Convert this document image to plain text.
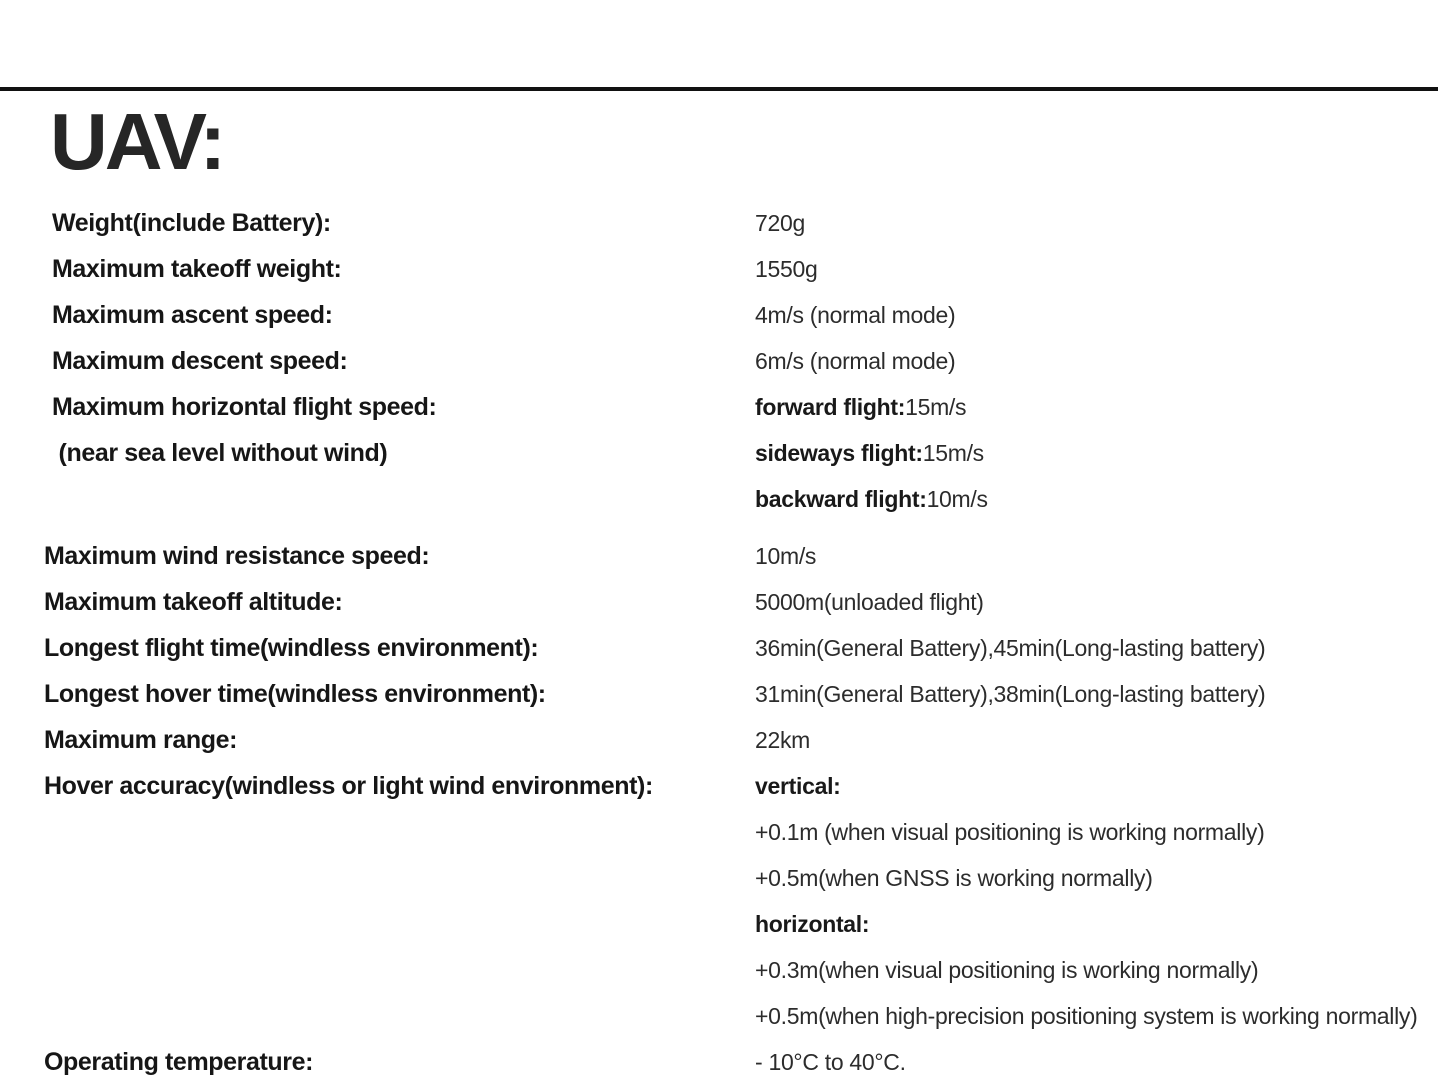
UAV:
Weight(include Battery):	720g
Maximum takeoff weight:	1550g
Maximum ascent speed:	4m/s (normal mode)
Maximum descent speed:	6m/s (normal mode)
Maximum horizontal flight speed:	forward flight:15m/s
(near sea level without wind)	sideways flight:15m/s
backward flight:10m/s
Maximum wind resistance speed:	10m/s
Maximum takeoff altitude:	5000m(unloaded flight)
Longest flight time(windless environment):	36min(General Battery),45min(Long-lasting battery)
Longest hover time(windless environment):	31min(General Battery),38min(Long-lasting battery)
Maximum range:	22km
Hover accuracy(windless or light wind environment):	vertical:
+0.1m (when visual positioning is working normally)
+0.5m(when GNSS is working normally)
horizontal:
+0.3m(when visual positioning is working normally)
+0.5m(when high-precision positioning system is working normally)
Operating temperature:	- 10°C to 40°C.
